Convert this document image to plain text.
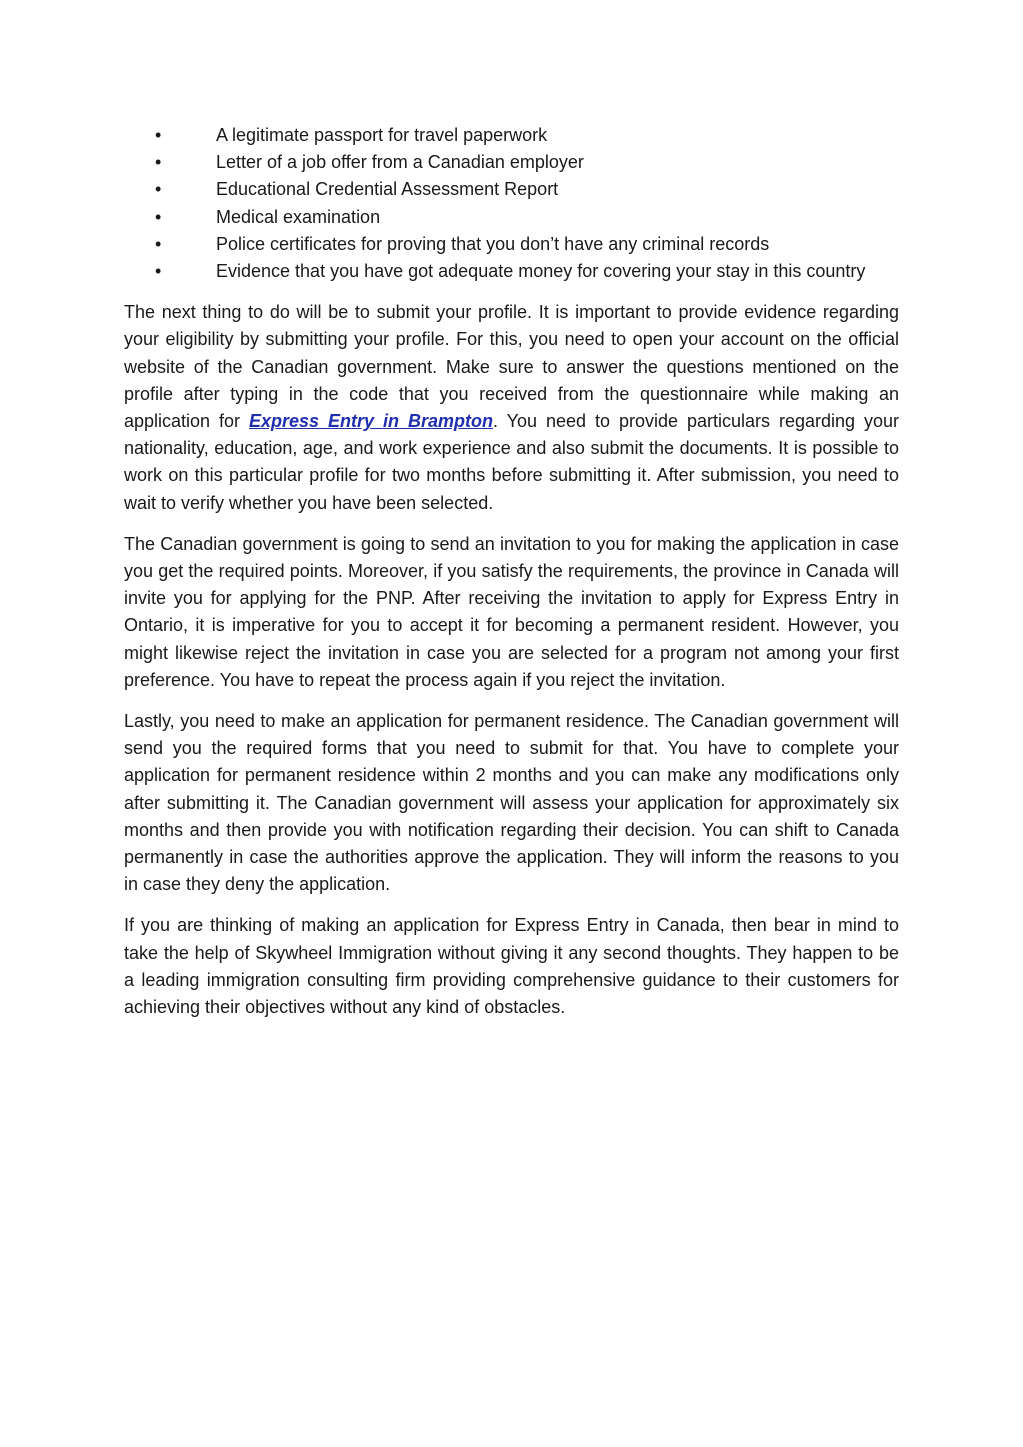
•	A legitimate passport for travel paperwork
•	Letter of a job offer from a Canadian employer
•	Educational Credential Assessment Report
•	Medical examination
•	Police certificates for proving that you don’t have any criminal records
•	Evidence that you have got adequate money for covering your stay in this country

The next thing to do will be to submit your profile. It is important to provide evidence regarding your eligibility by submitting your profile. For this, you need to open your account on the official website of the Canadian government. Make sure to answer the questions mentioned on the profile after typing in the code that you received from the questionnaire while making an application for Express Entry in Brampton. You need to provide particulars regarding your nationality, education, age, and work experience and also submit the documents. It is possible to work on this particular profile for two months before submitting it. After submission, you need to wait to verify whether you have been selected.

The Canadian government is going to send an invitation to you for making the application in case you get the required points. Moreover, if you satisfy the requirements, the province in Canada will invite you for applying for the PNP. After receiving the invitation to apply for Express Entry in Ontario, it is imperative for you to accept it for becoming a permanent resident. However, you might likewise reject the invitation in case you are selected for a program not among your first preference. You have to repeat the process again if you reject the invitation.

Lastly, you need to make an application for permanent residence. The Canadian government will send you the required forms that you need to submit for that. You have to complete your application for permanent residence within 2 months and you can make any modifications only after submitting it. The Canadian government will assess your application for approximately six months and then provide you with notification regarding their decision. You can shift to Canada permanently in case the authorities approve the application. They will inform the reasons to you in case they deny the application.

If you are thinking of making an application for Express Entry in Canada, then bear in mind to take the help of Skywheel Immigration without giving it any second thoughts. They happen to be a leading immigration consulting firm providing comprehensive guidance to their customers for achieving their objectives without any kind of obstacles.
